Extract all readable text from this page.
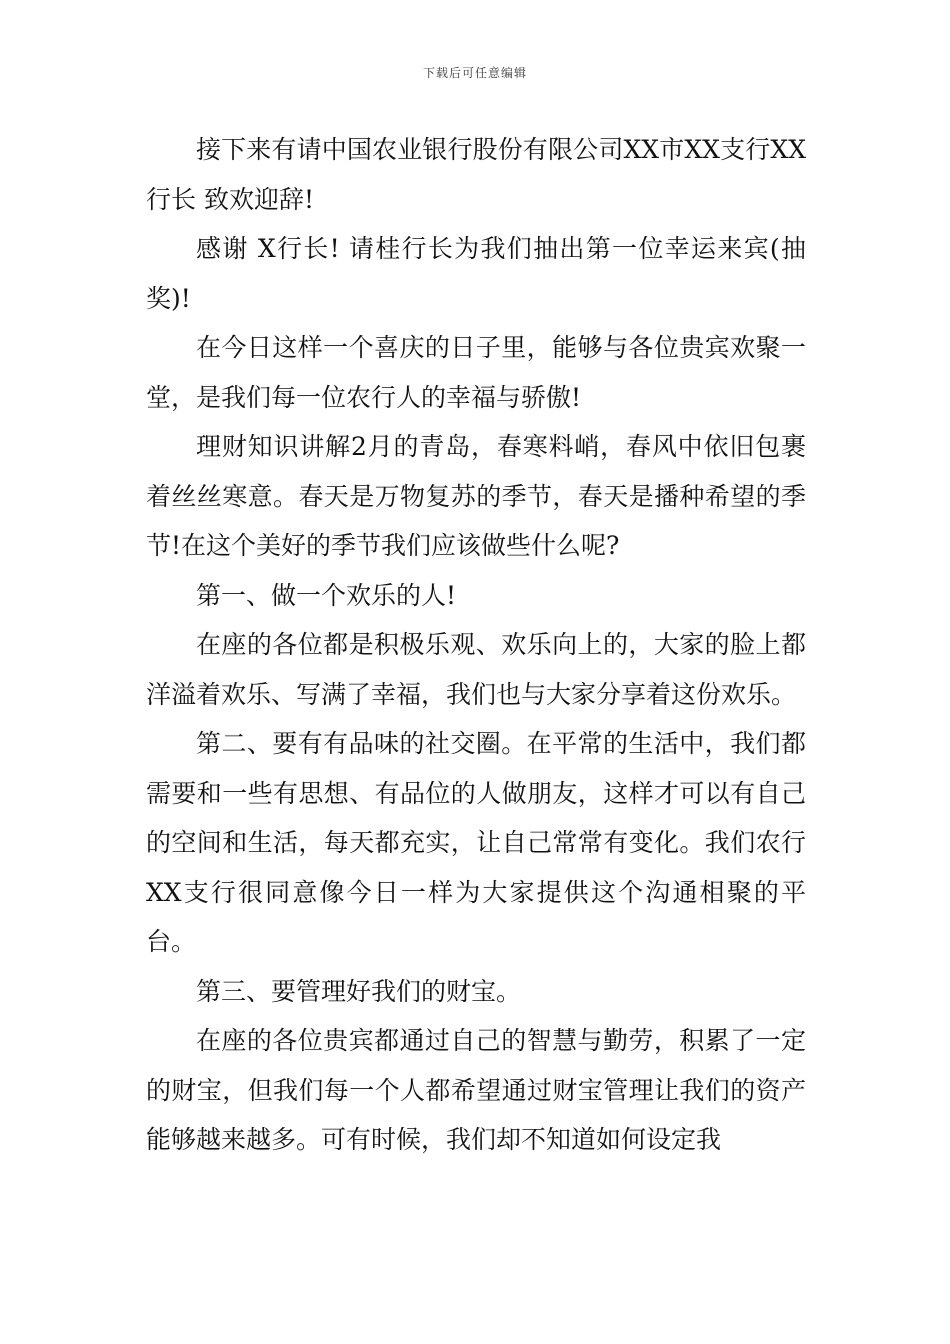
下载后可任意编辑

接下来有请中国农业银行股份有限公司XX市XX支行XX行长 致欢迎辞!

感谢 X行长! 请桂行长为我们抽出第一位幸运来宾(抽奖)!

在今日这样一个喜庆的日子里，能够与各位贵宾欢聚一堂，是我们每一位农行人的幸福与骄傲!

理财知识讲解2月的青岛，春寒料峭，春风中依旧包裹着丝丝寒意。春天是万物复苏的季节，春天是播种希望的季节!在这个美好的季节我们应该做些什么呢?

第一、做一个欢乐的人!

在座的各位都是积极乐观、欢乐向上的，大家的脸上都洋溢着欢乐、写满了幸福，我们也与大家分享着这份欢乐。

第二、要有有品味的社交圈。在平常的生活中，我们都需要和一些有思想、有品位的人做朋友，这样才可以有自己的空间和生活，每天都充实，让自己常常有变化。我们农行XX支行很同意像今日一样为大家提供这个沟通相聚的平台。

第三、要管理好我们的财宝。

在座的各位贵宾都通过自己的智慧与勤劳，积累了一定的财宝，但我们每一个人都希望通过财宝管理让我们的资产能够越来越多。可有时候，我们却不知道如何设定我
